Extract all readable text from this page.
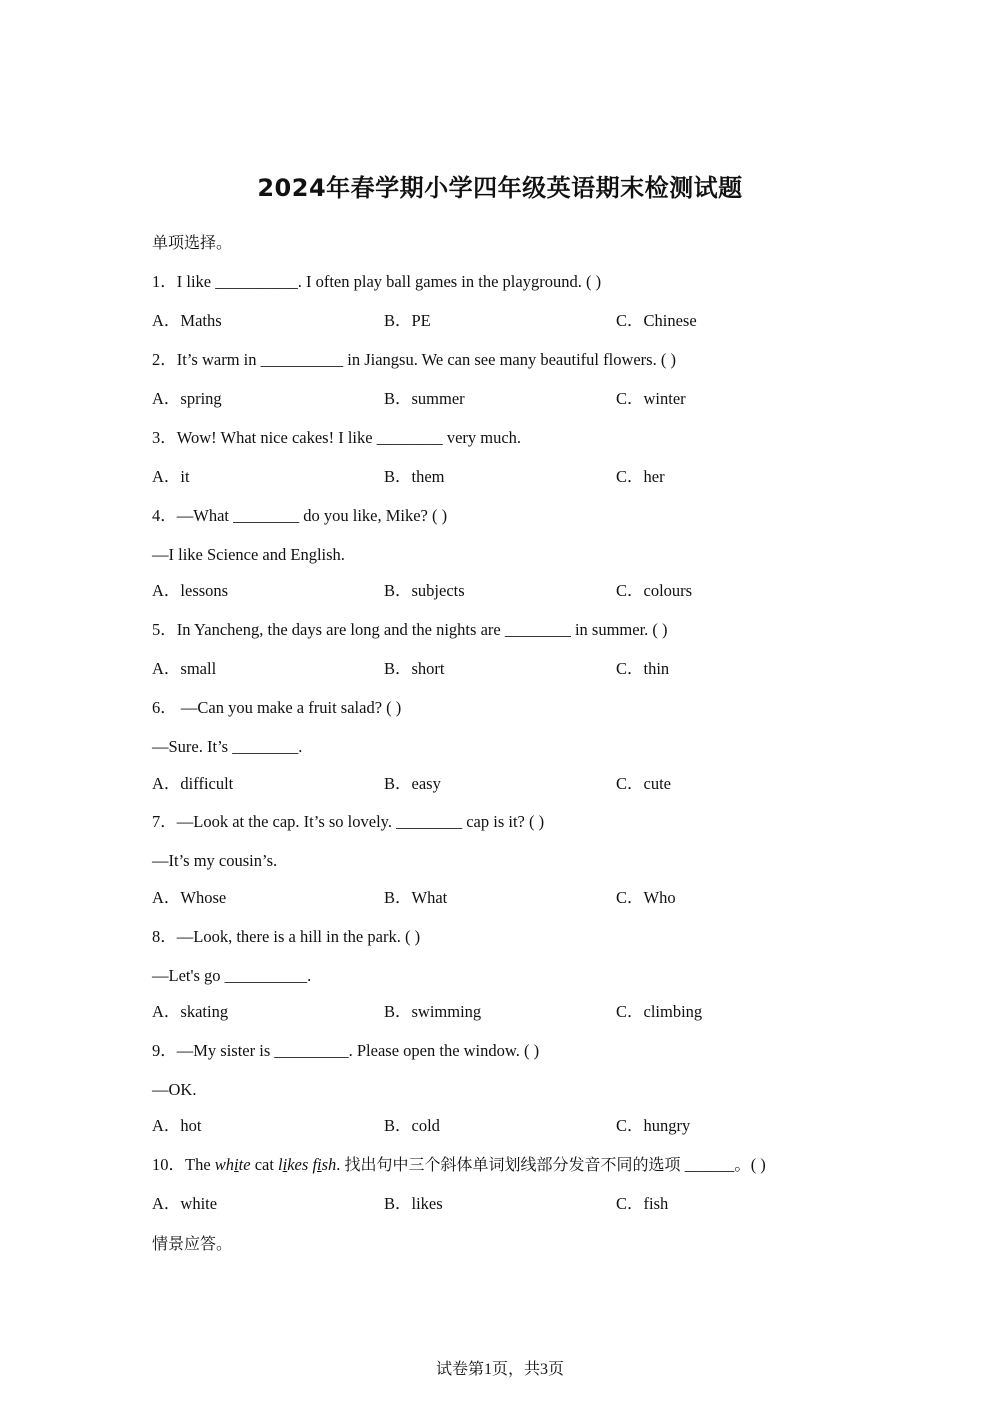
2024年春学期小学四年级英语期末检测试题
单项选择。
1．I like __________. I often play ball games in the playground. ( )
A．Maths	B．PE	C．Chinese
2．It’s warm in __________ in Jiangsu. We can see many beautiful flowers. ( )
A．spring	B．summer	C．winter
3．Wow! What nice cakes! I like ________ very much.
A．it	B．them	C．her
4．—What ________ do you like, Mike? ( )
—I like Science and English.
A．lessons	B．subjects	C．colours
5．In Yancheng, the days are long and the nights are ________ in summer. ( )
A．small	B．short	C．thin
6． —Can you make a fruit salad? ( )
—Sure. It’s ________.
A．difficult	B．easy	C．cute
7．—Look at the cap. It’s so lovely. ________ cap is it? ( )
—It’s my cousin’s.
A．Whose	B．What	C．Who
8．—Look, there is a hill in the park. ( )
—Let's go __________.
A．skating	B．swimming	C．climbing
9．—My sister is _________. Please open the window. ( )
—OK.
A．hot	B．cold	C．hungry
10．The white cat likes fish. 找出句中三个斜体单词划线部分发音不同的选项 ______。( )
A．white	B．likes	C．fish
情景应答。
试卷第1页，共3页
